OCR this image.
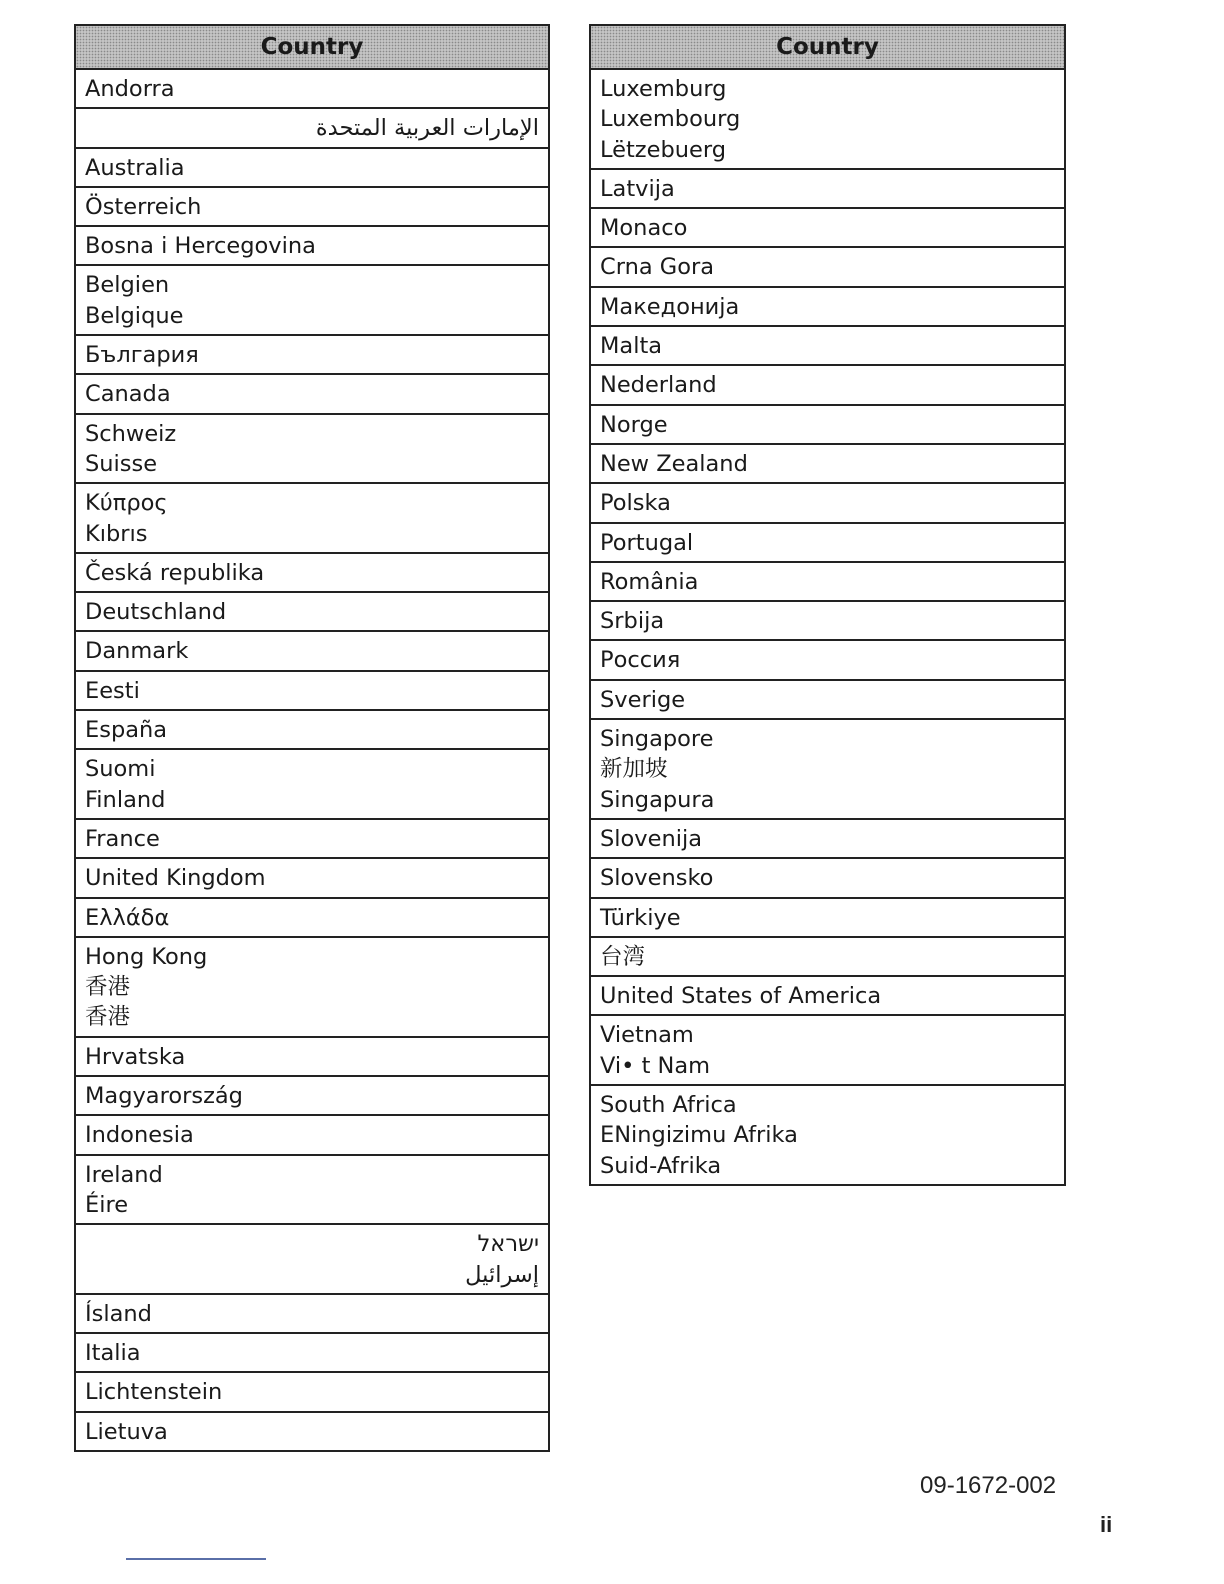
Country
Andorra
الإمارات العربية المتحدة
Australia
Österreich
Bosna i Hercegovina
Belgien
Belgique
България
Canada
Schweiz
Suisse
Κύπρος
Kıbrıs
Česká republika
Deutschland
Danmark
Eesti
España
Suomi
Finland
France
United Kingdom
Ελλάδα
Hong Kong
香港
香港
Hrvatska
Magyarország
Indonesia
Ireland
Éire
ישראל
إسرائيل
Ísland
Italia
Lichtenstein
Lietuva
Country
Luxemburg
Luxembourg
Lëtzebuerg
Latvija
Monaco
Crna Gora
Македонија
Malta
Nederland
Norge
New Zealand
Polska
Portugal
România
Srbija
Россия
Sverige
Singapore
新加坡
Singapura
Slovenija
Slovensko
Türkiye
台湾
United States of America
Vietnam
Vi• t Nam
South Africa
ENingizimu Afrika
Suid-Afrika
09-1672-002
ii
